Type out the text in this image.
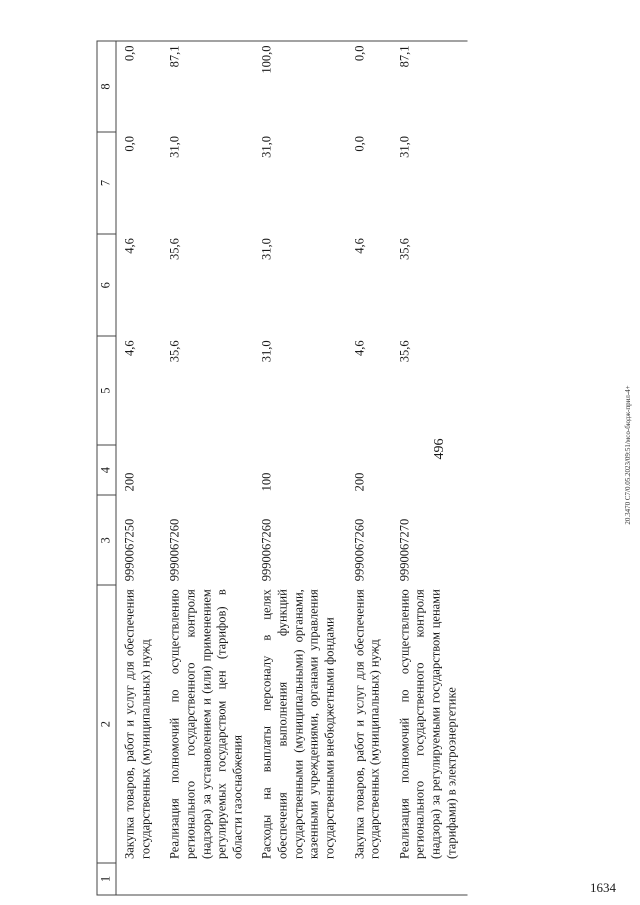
496	20.3470 С7/0.05.2023/09:51/мсо-бюдж-прил-4+
1634
1	2	3	4	5	6	7	8
	Закупка товаров, работ и услуг для обеспечения государственных (муниципальных) нужд	9990067250	200	4,6	4,6	0,0	0,0
	Реализация полномочий по осуществлению регионального государственного контроля (надзора) за установлением и (или) применением регулируемых государством цен (тарифов) в области газоснабжения	9990067260		35,6	35,6	31,0	87,1
	Расходы на выплаты персоналу в целях обеспечения выполнения функций государственными (муниципальными) органами, казенными учреждениями, органами управления государственными внебюджетными фондами	9990067260	100	31,0	31,0	31,0	100,0
	Закупка товаров, работ и услуг для обеспечения государственных (муниципальных) нужд	9990067260	200	4,6	4,6	0,0	0,0
	Реализация полномочий по осуществлению регионального государственного контроля (надзора) за регулируемыми государством ценами (тарифами) в электроэнергетике	9990067270		35,6	35,6	31,0	87,1
